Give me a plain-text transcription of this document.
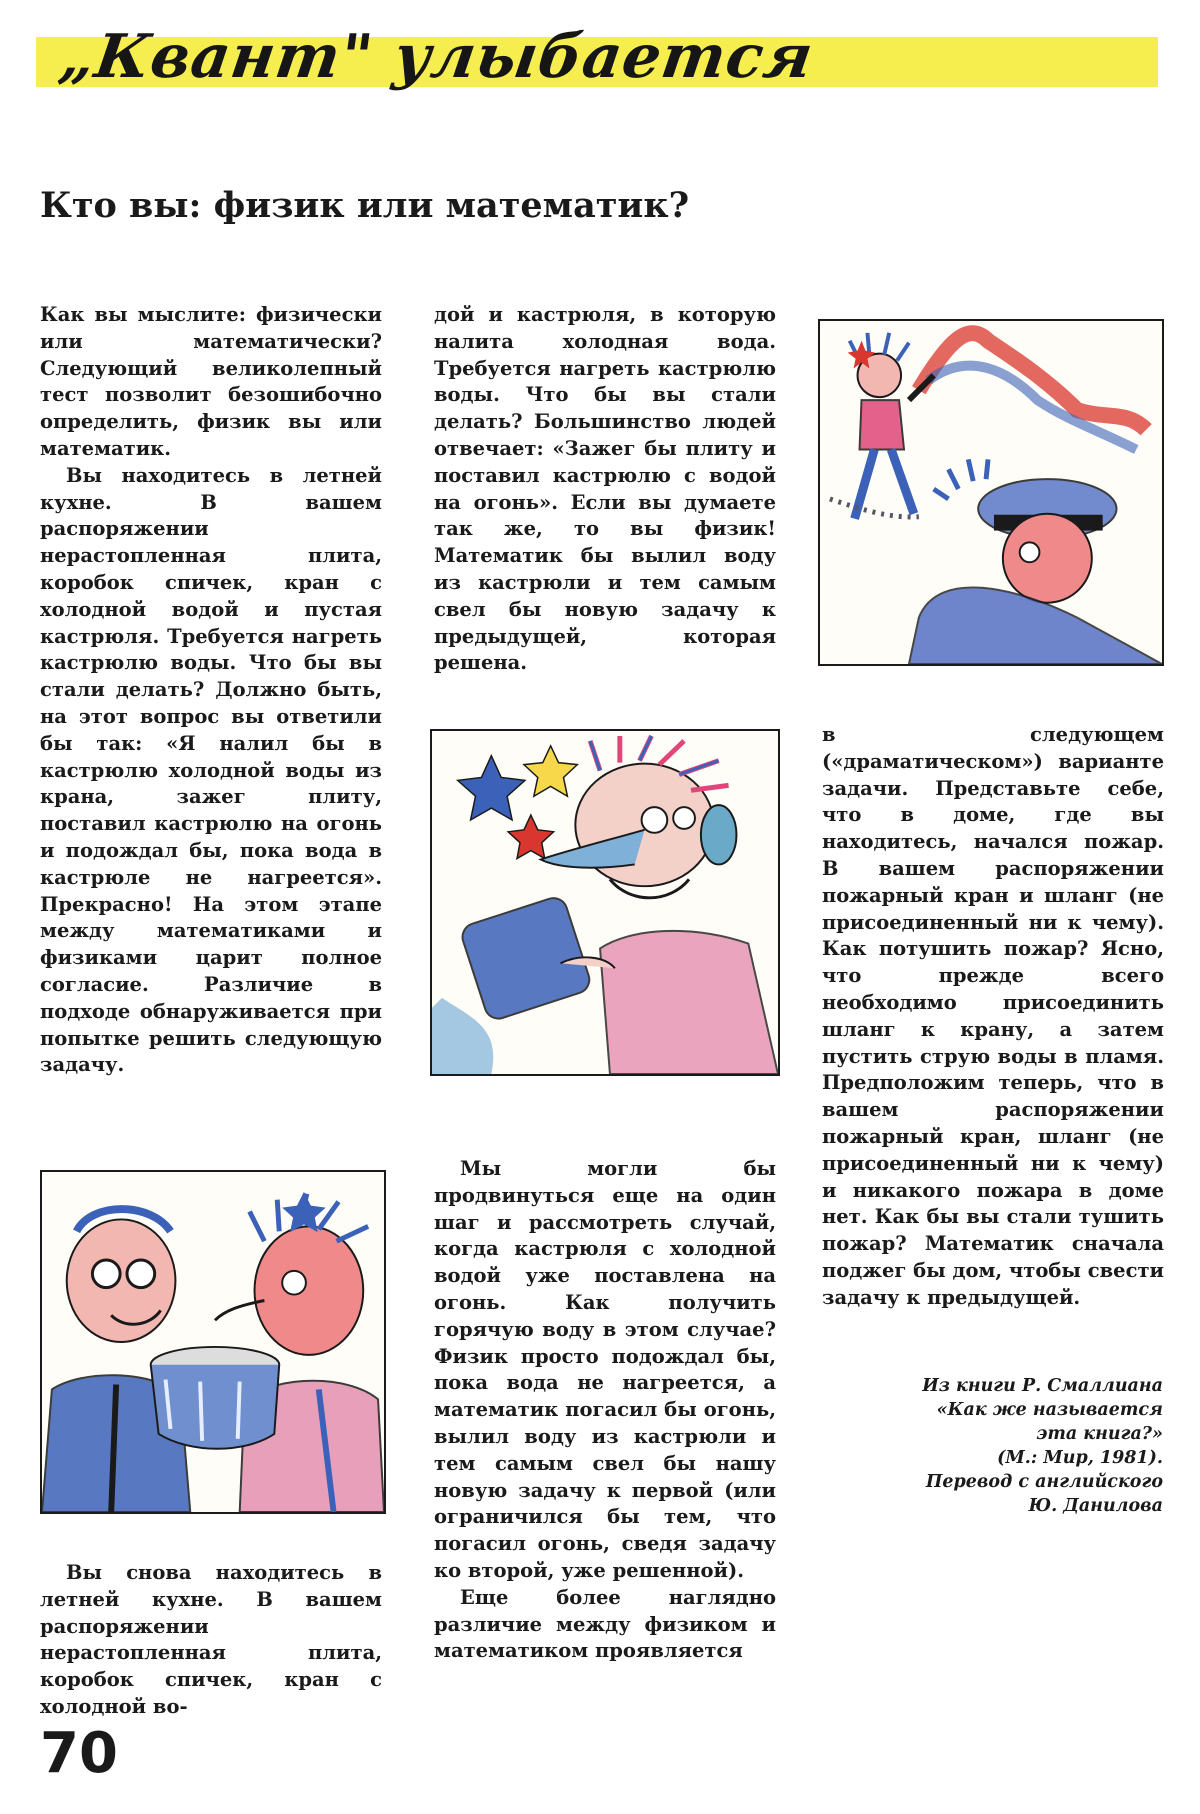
„Квант" улыбается
Кто вы: физик или математик?

Как вы мыслите: физически или математически? Следующий великолепный тест позволит безошибочно определить, физик вы или математик.

Вы находитесь в летней кухне. В вашем распоряжении нерастопленная плита, коробок спичек, кран с холодной водой и пустая кастрюля. Требуется нагреть кастрюлю воды. Что бы вы стали делать? Должно быть, на этот вопрос вы ответили бы так: «Я налил бы в кастрюлю холодной воды из крана, зажег плиту, поставил кастрюлю на огонь и подождал бы, пока вода в кастрюле не нагреется». Прекрасно! На этом этапе между математиками и физиками царит полное согласие. Различие в подходе обнаруживается при попытке решить следующую задачу.

дой и кастрюля, в которую налита холодная вода. Требуется нагреть кастрюлю воды. Что бы вы стали делать? Большинство людей отвечает: «Зажег бы плиту и поставил кастрюлю с водой на огонь». Если вы думаете так же, то вы физик! Математик бы вылил воду из кастрюли и тем самым свел бы новую задачу к предыдущей, которая решена.

в следующем («драматическом») варианте задачи. Представьте себе, что в доме, где вы находитесь, начался пожар. В вашем распоряжении пожарный кран и шланг (не присоединенный ни к чему). Как потушить пожар? Ясно, что прежде всего необходимо присоединить шланг к крану, а затем пустить струю воды в пламя. Предположим теперь, что в вашем распоряжении пожарный кран, шланг (не присоединенный ни к чему) и никакого пожара в доме нет. Как бы вы стали тушить пожар? Математик сначала поджег бы дом, чтобы свести задачу к предыдущей.

Мы могли бы продвинуться еще на один шаг и рассмотреть случай, когда кастрюля с холодной водой уже поставлена на огонь. Как получить горячую воду в этом случае? Физик просто подождал бы, пока вода не нагреется, а математик погасил бы огонь, вылил воду из кастрюли и тем самым свел бы нашу новую задачу к первой (или ограничился бы тем, что погасил огонь, сведя задачу ко второй, уже решенной).

Еще более наглядно различие между физиком и математиком проявляется

Вы снова находитесь в летней кухне. В вашем распоряжении нерастопленная плита, коробок спичек, кран с холодной во-

Из книги Р. Смаллиана
«Как же называется
эта книга?»
(М.: Мир, 1981).
Перевод с английского
Ю. Данилова
70
